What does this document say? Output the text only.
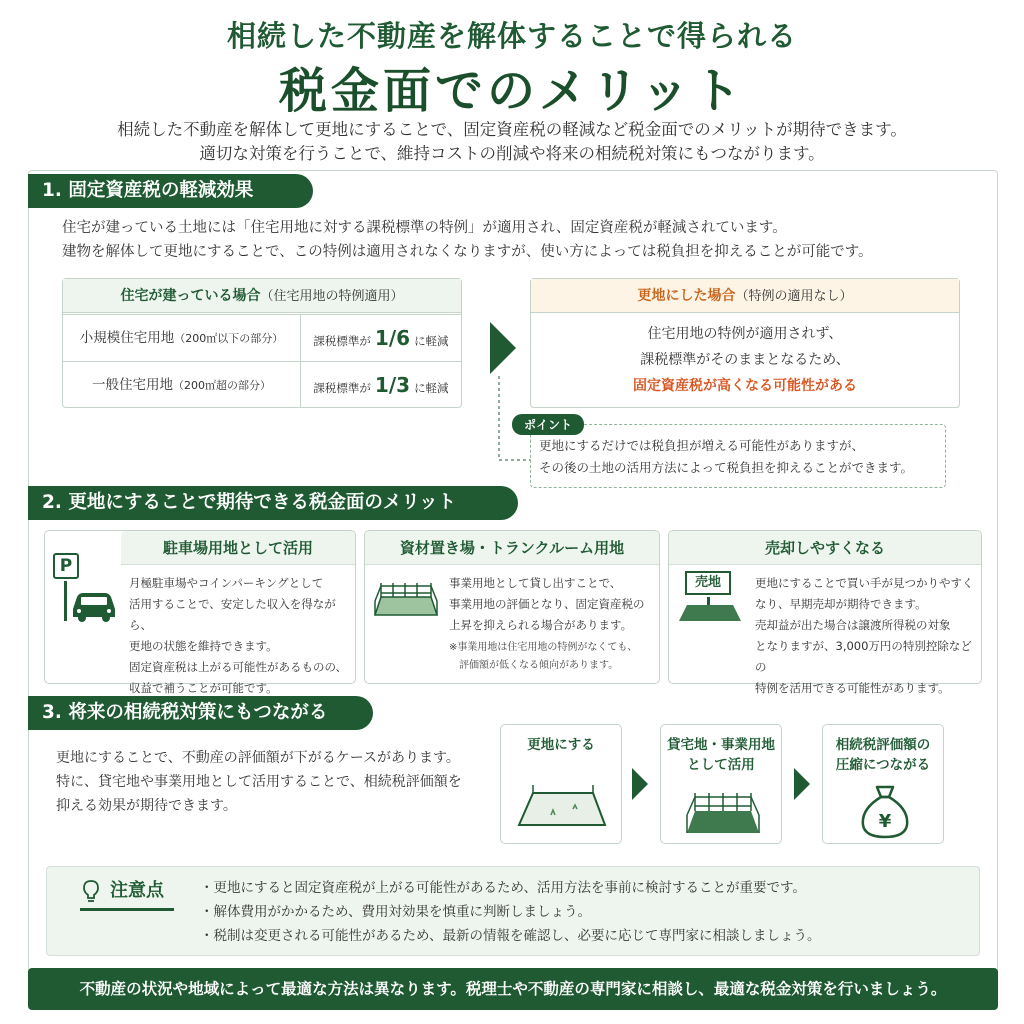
相続した不動産を解体することで得られる
税金面でのメリット
相続した不動産を解体して更地にすることで、固定資産税の軽減など税金面でのメリットが期待できます。
適切な対策を行うことで、維持コストの削減や将来の相続税対策にもつながります。
1. 固定資産税の軽減効果
住宅が建っている土地には「住宅用地に対する課税標準の特例」が適用され、固定資産税が軽減されています。
建物を解体して更地にすることで、この特例は適用されなくなりますが、使い方によっては税負担を抑えることが可能です。
住宅が建っている場合（住宅用地の特例適用）
小規模住宅用地（200㎡以下の部分）	課税標準が 1/6 に軽減
一般住宅用地（200㎡超の部分）	課税標準が 1/3 に軽減
更地にした場合（特例の適用なし）
住宅用地の特例が適用されず、
課税標準がそのままとなるため、
固定資産税が高くなる可能性がある
更地にするだけでは税負担が増える可能性がありますが、
その後の土地の活用方法によって税負担を抑えることができます。
ポイント
2. 更地にすることで期待できる税金面のメリット
駐車場用地として活用
月極駐車場やコインパーキングとして
活用することで、安定した収入を得ながら、
更地の状態を維持できます。
固定資産税は上がる可能性があるものの、
収益で補うことが可能です。
P
資材置き場・トランクルーム用地
事業用地として貸し出すことで、
事業用地の評価となり、固定資産税の
上昇を抑えられる場合があります。
※事業用地は住宅用地の特例がなくても、
評価額が低くなる傾向があります。
売却しやすくなる
売地	更地にすることで買い手が見つかりやすく
なり、早期売却が期待できます。
売却益が出た場合は譲渡所得税の対象
となりますが、3,000万円の特別控除などの
特例を活用できる可能性があります。
3. 将来の相続税対策にもつながる
更地にすることで、不動産の評価額が下がるケースがあります。
特に、貸宅地や事業用地として活用することで、相続税評価額を
抑える効果が期待できます。
更地にする	貸宅地・事業用地
として活用
相続税評価額の
圧縮につながる
¥
注意点	・更地にすると固定資産税が上がる可能性があるため、活用方法を事前に検討することが重要です。
・解体費用がかかるため、費用対効果を慎重に判断しましょう。
・税制は変更される可能性があるため、最新の情報を確認し、必要に応じて専門家に相談しましょう。
不動産の状況や地域によって最適な方法は異なります。税理士や不動産の専門家に相談し、最適な税金対策を行いましょう。
